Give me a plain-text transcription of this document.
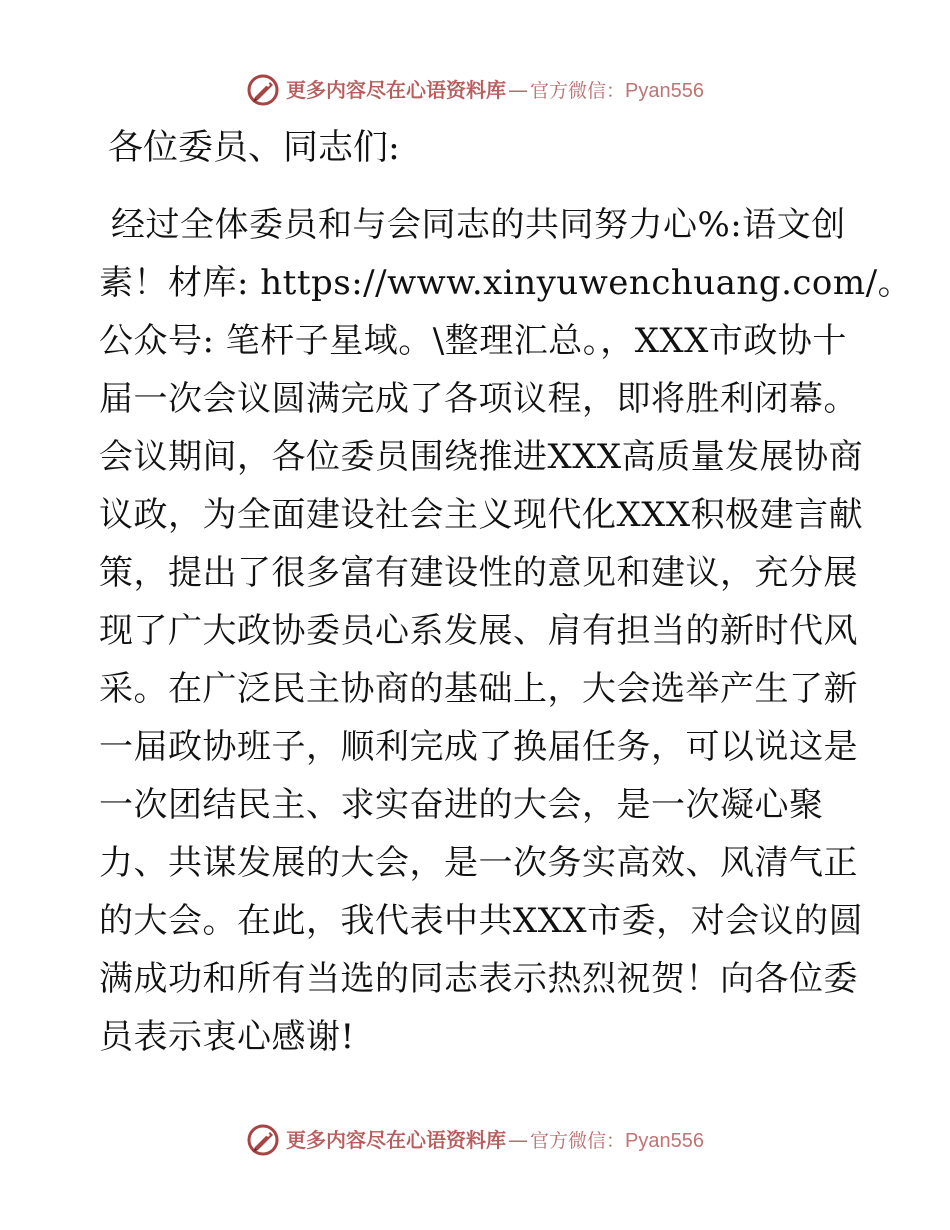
更多内容尽在心语资料库 — 官方微信： Pyan556
各位委员、同志们:
经过全体委员和与会同志的共同努力心%:语文创
素！材库: https://www.xinyuwenchuang.com/。
公众号: 笔杆子星域。\整理汇总。，XXX市政协十
届一次会议圆满完成了各项议程，即将胜利闭幕。
会议期间，各位委员围绕推进XXX高质量发展协商
议政，为全面建设社会主义现代化XXX积极建言献
策，提出了很多富有建设性的意见和建议，充分展
现了广大政协委员心系发展、肩有担当的新时代风
采。在广泛民主协商的基础上，大会选举产生了新
一届政协班子，顺利完成了换届任务，可以说这是
一次团结民主、求实奋进的大会，是一次凝心聚
力、共谋发展的大会，是一次务实高效、风清气正
的大会。在此，我代表中共XXX市委，对会议的圆
满成功和所有当选的同志表示热烈祝贺！向各位委
员表示衷心感谢!
更多内容尽在心语资料库 — 官方微信： Pyan556
